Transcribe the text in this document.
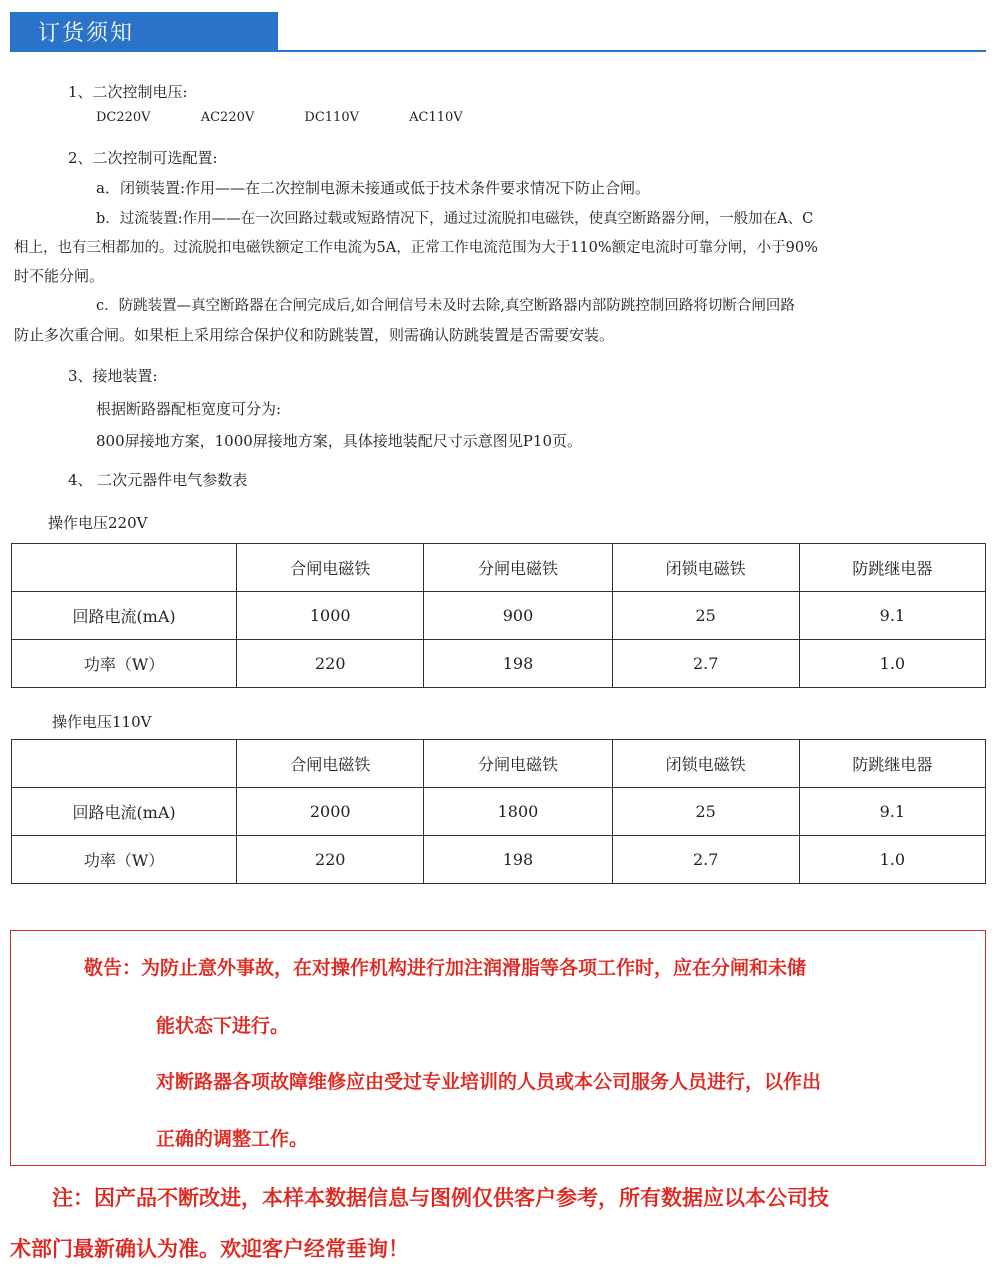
订货须知
1、二次控制电压:
DC220V	AC220V	DC110V	AC110V
2、二次控制可选配置:
a．闭锁装置:作用——在二次控制电源未接通或低于技术条件要求情况下防止合闸。
b．过流装置:作用——在一次回路过载或短路情况下，通过过流脱扣电磁铁，使真空断路器分闸，一般加在A、C
相上，也有三相都加的。过流脱扣电磁铁额定工作电流为5A，正常工作电流范围为大于110%额定电流时可靠分闸，小于90%
时不能分闸。
c．防跳装置—真空断路器在合闸完成后,如合闸信号未及时去除,真空断路器内部防跳控制回路将切断合闸回路
防止多次重合闸。如果柜上采用综合保护仪和防跳装置，则需确认防跳装置是否需要安装。
3、接地装置:
根据断路器配柜宽度可分为:
800屏接地方案，1000屏接地方案，具体接地装配尺寸示意图见P10页。
4、 二次元器件电气参数表
操作电压220V
	合闸电磁铁	分闸电磁铁	闭锁电磁铁	防跳继电器
回路电流(mA)	1000	900	25	9.1
功率（W）	220	198	2.7	1.0
操作电压110V
	合闸电磁铁	分闸电磁铁	闭锁电磁铁	防跳继电器
回路电流(mA)	2000	1800	25	9.1
功率（W）	220	198	2.7	1.0
敬告：为防止意外事故，在对操作机构进行加注润滑脂等各项工作时，应在分闸和未储
能状态下进行。
对断路器各项故障维修应由受过专业培训的人员或本公司服务人员进行，以作出
正确的调整工作。
注：因产品不断改进，本样本数据信息与图例仅供客户参考，所有数据应以本公司技
术部门最新确认为准。欢迎客户经常垂询！
